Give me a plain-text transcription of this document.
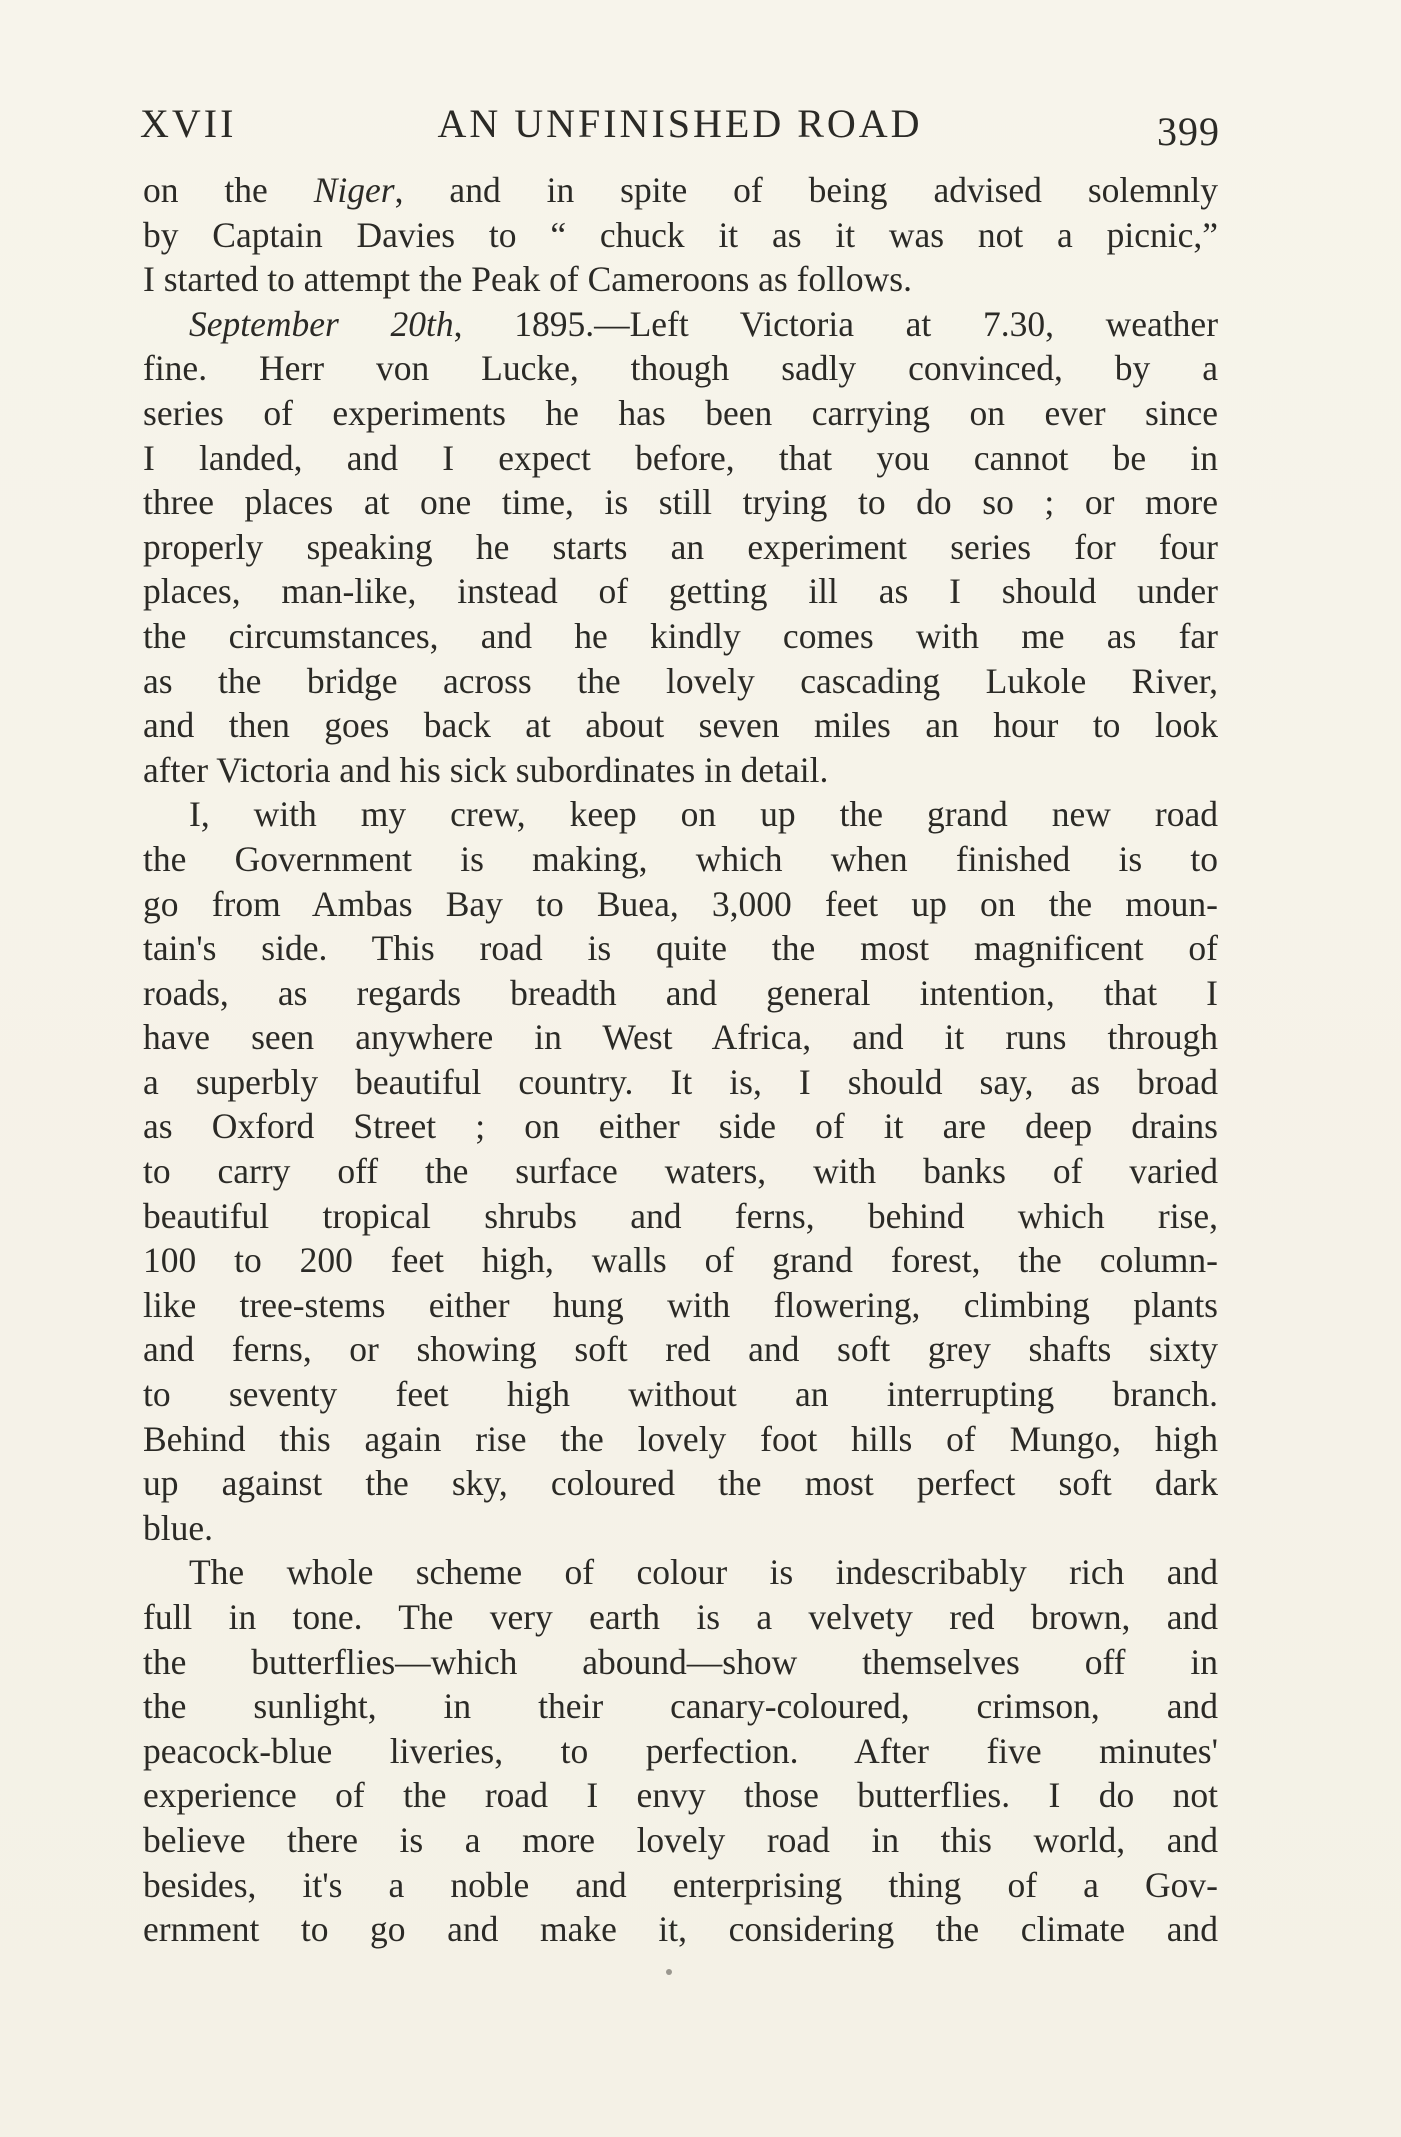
XVII	AN UNFINISHED ROAD	399
on the Niger, and in spite of being advised solemnly
by Captain Davies to “ chuck it as it was not a picnic,”
I started to attempt the Peak of Cameroons as follows.
September 20th, 1895.—Left Victoria at 7.30, weather
fine. Herr von Lucke, though sadly convinced, by a
series of experiments he has been carrying on ever since
I landed, and I expect before, that you cannot be in
three places at one time, is still trying to do so ; or more
properly speaking he starts an experiment series for four
places, man-like, instead of getting ill as I should under
the circumstances, and he kindly comes with me as far
as the bridge across the lovely cascading Lukole River,
and then goes back at about seven miles an hour to look
after Victoria and his sick subordinates in detail.
I, with my crew, keep on up the grand new road
the Government is making, which when finished is to
go from Ambas Bay to Buea, 3,000 feet up on the moun-
tain's side. This road is quite the most magnificent of
roads, as regards breadth and general intention, that I
have seen anywhere in West Africa, and it runs through
a superbly beautiful country. It is, I should say, as broad
as Oxford Street ; on either side of it are deep drains
to carry off the surface waters, with banks of varied
beautiful tropical shrubs and ferns, behind which rise,
100 to 200 feet high, walls of grand forest, the column-
like tree-stems either hung with flowering, climbing plants
and ferns, or showing soft red and soft grey shafts sixty
to seventy feet high without an interrupting branch.
Behind this again rise the lovely foot hills of Mungo, high
up against the sky, coloured the most perfect soft dark
blue.
The whole scheme of colour is indescribably rich and
full in tone. The very earth is a velvety red brown, and
the butterflies—which abound—show themselves off in
the sunlight, in their canary-coloured, crimson, and
peacock-blue liveries, to perfection. After five minutes'
experience of the road I envy those butterflies. I do not
believe there is a more lovely road in this world, and
besides, it's a noble and enterprising thing of a Gov-
ernment to go and make it, considering the climate and
